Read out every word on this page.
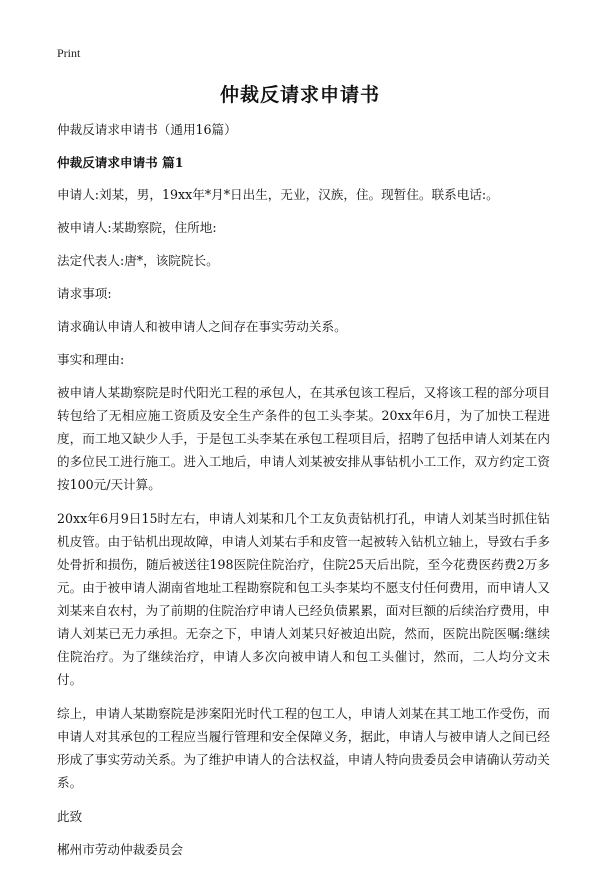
Print
仲裁反请求申请书

仲裁反请求申请书（通用16篇）

仲裁反请求申请书 篇1

申请人:刘某，男，19xx年*月*日出生，无业，汉族，住。现暂住。联系电话:。

被申请人:某勘察院，住所地:

法定代表人:唐*，该院院长。

请求事项:

请求确认申请人和被申请人之间存在事实劳动关系。

事实和理由:

被申请人某勘察院是时代阳光工程的承包人，在其承包该工程后，又将该工程的部分项目转包给了无相应施工资质及安全生产条件的包工头李某。20xx年6月，为了加快工程进度，而工地又缺少人手，于是包工头李某在承包工程项目后，招聘了包括申请人刘某在内的多位民工进行施工。进入工地后，申请人刘某被安排从事钻机小工工作，双方约定工资按100元/天计算。

20xx年6月9日15时左右，申请人刘某和几个工友负责钻机打孔，申请人刘某当时抓住钻机皮管。由于钻机出现故障，申请人刘某右手和皮管一起被转入钻机立轴上，导致右手多处骨折和损伤，随后被送往198医院住院治疗，住院25天后出院，至今花费医药费2万多元。由于被申请人湖南省地址工程勘察院和包工头李某均不愿支付任何费用，而申请人又刘某来自农村，为了前期的住院治疗申请人已经负债累累，面对巨额的后续治疗费用，申请人刘某已无力承担。无奈之下，申请人刘某只好被迫出院，然而，医院出院医嘱:继续住院治疗。为了继续治疗，申请人多次向被申请人和包工头催讨，然而，二人均分文未付。

综上，申请人某勘察院是涉案阳光时代工程的包工人，申请人刘某在其工地工作受伤，而申请人对其承包的工程应当履行管理和安全保障义务，据此，申请人与被申请人之间已经形成了事实劳动关系。为了维护申请人的合法权益，申请人特向贵委员会申请确认劳动关系。

此致

郴州市劳动仲裁委员会
